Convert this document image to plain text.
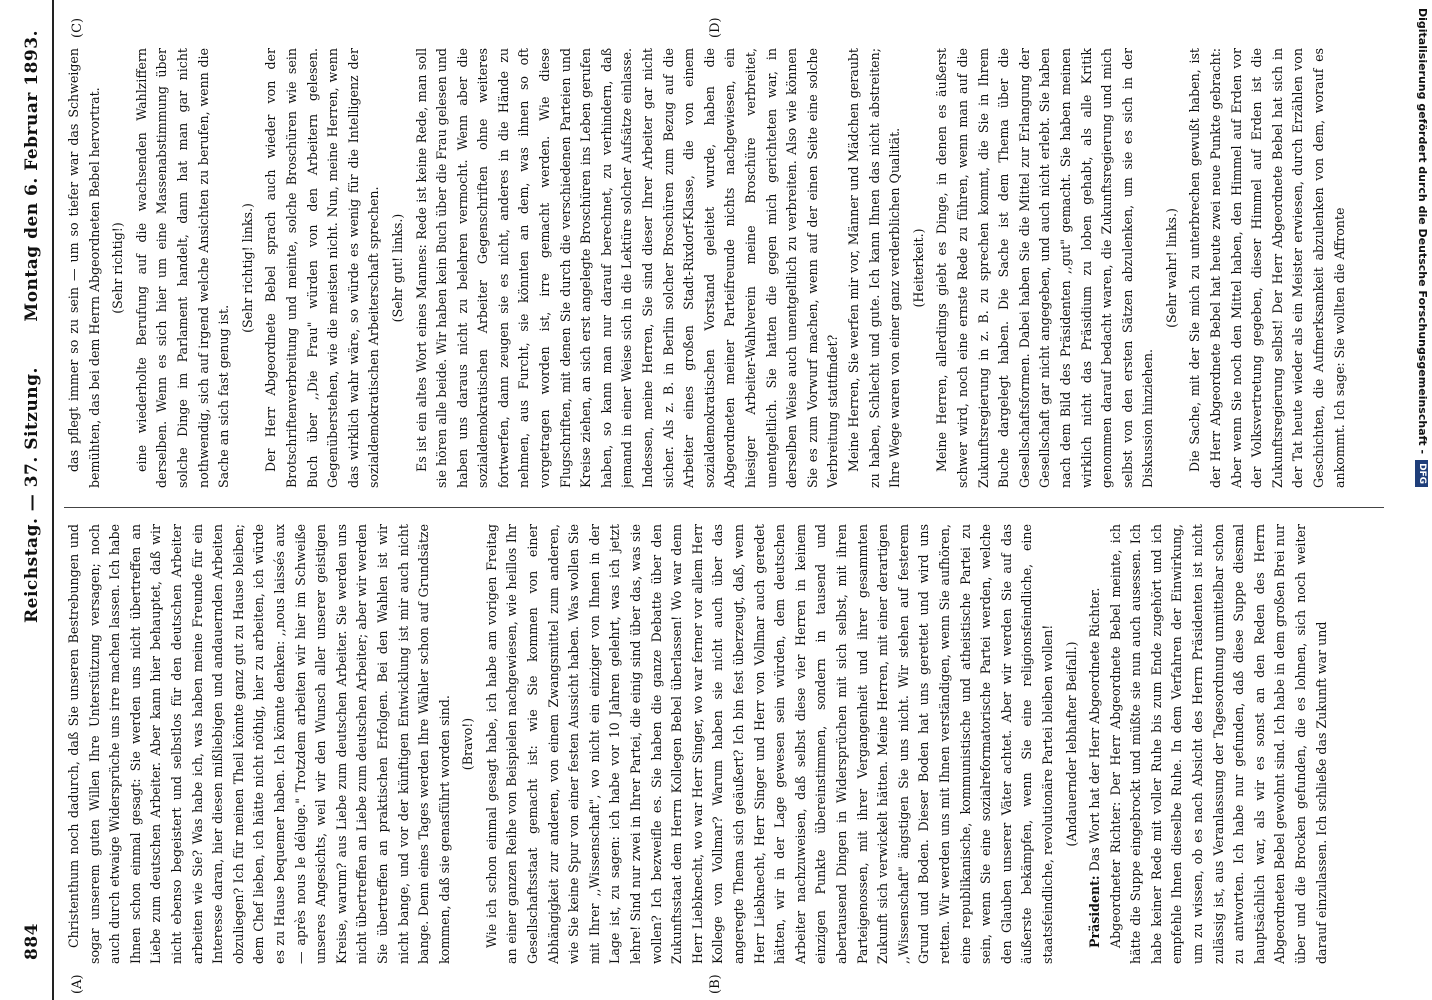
884
Reichstag. — 37. Sitzung.
Montag den 6. Februar 1893.
(A)	(B)
(C)	(D)

Christenthum noch dadurch, daß Sie unseren Bestrebungen und sogar unserem guten Willen Ihre Unterstützung versagen; noch auch durch etwaige Widersprüche uns irre machen lassen. Ich habe Ihnen schon einmal gesagt: Sie werden uns nicht übertreffen an Liebe zum deutschen Arbeiter. Aber kann hier behauptet, daß wir nicht ebenso begeistert und selbstlos für den deutschen Arbeiter arbeiten wie Sie? Was habe ich, was haben meine Freunde für ein Interesse daran, hier diesen mißliebigen und andauernden Arbeiten obzuliegen? Ich für meinen Theil könnte ganz gut zu Hause bleiben; dem Chef lieben, ich hätte nicht nöthig, hier zu arbeiten, ich würde es zu Hause bequemer haben. Ich könnte denken: ,,nous laissés aux — après nous le déluge." Trotzdem arbeiten wir hier im Schweiße unseres Angesichts, weil wir den Wunsch aller unserer geistigen Kreise, warum? aus Liebe zum deutschen Arbeiter. Sie werden uns nicht übertreffen an Liebe zum deutschen Arbeiter; aber wir werden Sie übertreffen an praktischen Erfolgen. Bei den Wahlen ist wir nicht bange, und vor der künftigen Entwicklung ist mir auch nicht bange. Denn eines Tages werden Ihre Wähler schon auf Grundsätze kommen, daß sie genasführt worden sind. (Bravo!) Wie ich schon einmal gesagt habe, ich habe am vorigen Freitag an einer ganzen Reihe von Beispielen nachgewiesen, wie heillos Ihr Gesellschaftsstaat gemacht ist: wie Sie kommen von einer Abhängigkeit zur anderen, von einem Zwangsmittel zum anderen, wie Sie keine Spur von einer festen Aussicht haben. Was wollen Sie mit Ihrer ,,Wissenschaft", wo nicht ein einziger von Ihnen in der Lage ist, zu sagen: ich habe vor 10 Jahren gelehrt, was ich jetzt lehre! Sind nur zwei in Ihrer Partei, die einig sind über das, was sie wollen? Ich bezweifle es. Sie haben die ganze Debatte über den Zukunftsstaat dem Herrn Kollegen Bebel überlassen! Wo war denn Herr Liebknecht, wo war Herr Singer, wo war ferner vor allem Herr Kollege von Vollmar? Warum haben sie nicht auch über das angeregte Thema sich geäußert? Ich bin fest überzeugt, daß, wenn Herr Liebknecht, Herr Singer und Herr von Vollmar auch geredet hätten, wir in der Lage gewesen sein würden, dem deutschen Arbeiter nachzuweisen, daß selbst diese vier Herren in keinem einzigen Punkte übereinstimmen, sondern in tausend und abertausend Dingen in Widersprüchen mit sich selbst, mit ihren Parteigenossen, mit ihrer Vergangenheit und ihrer gesammten Zukunft sich verwickelt hätten. Meine Herren, mit einer derartigen ,,Wissenschaft" ängstigen Sie uns nicht. Wir stehen auf festerem Grund und Boden. Dieser Boden hat uns gerettet und wird uns retten. Wir werden uns mit Ihnen verständigen, wenn Sie aufhören, eine republikanische, kommunistische und atheistische Partei zu sein, wenn Sie eine sozialreformatorische Partei werden, welche den Glauben unserer Väter achtet. Aber wir werden Sie auf das äußerste bekämpfen, wenn Sie eine religionsfeindliche, eine staatsfeindliche, revolutionäre Partei bleiben wollen! (Andauernder lebhafter Beifall.)

Präsident: Das Wort hat der Herr Abgeordnete Richter. Abgeordneter Richter: Der Herr Abgeordnete Bebel meinte, ich hätte die Suppe eingebrockt und müßte sie nun auch ausessen. Ich habe keiner Rede mit voller Ruhe bis zum Ende zugehört und ich empfehle Ihnen dieselbe Ruhe. In dem Verfahren der Einwirkung, um zu wissen, ob es nach Absicht des Herrn Präsidenten ist nicht zulässig ist, aus Veranlassung der Tagesordnung unmittelbar schon zu antworten. Ich habe nur gefunden, daß diese Suppe diesmal hauptsächlich war, als wir es sonst an den Reden des Herrn Abgeordneten Bebel gewohnt sind. Ich habe in dem großen Brei nur über und die Brocken gefunden, die es lohnen, sich noch weiter darauf einzulassen. Ich schließe das Zukunft war und

das pflegt immer so zu sein — um so tiefer war das Schweigen bemühten, das bei dem Herrn Abgeordneten Bebel hervortrat. (Sehr richtig!) eine wiederholte Berufung auf die wachsenden Wahlziffern derselben. Wenn es sich hier um eine Massenabstimmung über solche Dinge im Parlament handelt, dann hat man gar nicht nothwendig, sich auf irgend welche Ansichten zu berufen, wenn die Sache an sich fast genug ist.

(Sehr richtig! links.) Der Herr Abgeordnete Bebel sprach auch wieder von der Brotschriftenverbreitung und meinte, solche Broschüren wie sein Buch über ,,Die Frau" würden von den Arbeitern gelesen. Gegenüberstehen, wie die meisten nicht. Nun, meine Herren, wenn das wirklich wahr wäre, so würde es wenig für die Intelligenz der sozialdemokratischen Arbeiterschaft sprechen. (Sehr gut! links.) Es ist ein altes Wort eines Mannes: Rede ist keine Rede, man soll sie hören alle beide. Wir haben kein Buch über die Frau gelesen und haben uns daraus nicht zu belehren vermocht. Wenn aber die sozialdemokratischen Arbeiter Gegenschriften ohne weiteres fortwerfen, dann zeugen sie es nicht, anderes in die Hände zu nehmen, aus Furcht, sie könnten an dem, was ihnen so oft vorgetragen worden ist, irre gemacht werden. Wie diese Flugschriften, mit denen Sie durch die verschiedenen Parteien und Kreise ziehen, an sich erst angelegte Broschüren ins Leben gerufen haben, so kann man nur darauf berechnet, zu verhindern, daß jemand in einer Weise sich in die Lektüre solcher Aufsätze einlasse. Indessen, meine Herren, Sie sind dieser Ihrer Arbeiter gar nicht sicher. Als z. B. in Berlin solcher Broschüren zum Bezug auf die Arbeiter eines großen Stadt-Rixdorf-Klasse, die von einem sozialdemokratischen Vorstand geleitet wurde, haben die Abgeordneten meiner Parteifreunde nichts nachgewiesen, ein hiesiger Arbeiter-Wahlverein meine Broschüre verbreitet, unentgeltlich. Sie hatten die gegen mich gerichteten war, in derselben Weise auch unentgeltlich zu verbreiten. Also wie können Sie es zum Vorwurf machen, wenn auf der einen Seite eine solche Verbreitung stattfindet? Meine Herren, Sie werfen mir vor, Männer und Mädchen geraubt zu haben, Schlecht und gute. Ich kann Ihnen das nicht abstreiten; Ihre Wege waren von einer ganz verderblichen Qualität. (Heiterkeit.) Meine Herren, allerdings giebt es Dinge, in denen es äußerst schwer wird, noch eine ernste Rede zu führen, wenn man auf die Zukunftsregierung in z. B. zu sprechen kommt, die Sie in Ihrem Buche dargelegt haben. Die Sache ist dem Thema über die Gesellschaftsformen. Dabei haben Sie die Mittel zur Erlangung der Gesellschaft gar nicht angegeben, und auch nicht erlebt. Sie haben nach dem Bild des Präsidenten ,,gut" gemacht. Sie haben meinen wirklich nicht das Präsidium zu loben gehabt, als alle Kritik genommen darauf bedacht waren, die Zukunftsregierung und mich selbst von den ersten Sätzen abzulenken, um sie es sich in der Diskussion hinziehen.

(Sehr wahr! links.) Die Sache, mit der Sie mich zu unterbrechen gewußt haben, ist der Herr Abgeordnete Bebel hat heute zwei neue Punkte gebracht: Aber wenn Sie noch den Mittel haben, den Himmel auf Erden vor der Volksvertretung gegeben, dieser Himmel auf Erden ist die Zukunftsregierung selbst! Der Herr Abgeordnete Bebel hat sich in der Tat heute wieder als ein Meister erwiesen, durch Erzählen von Geschichten, die Aufmerksamkeit abzulenken von dem, worauf es ankommt. Ich sage: Sie wollten die Affronte	Digitalisierung gefördert durch die Deutsche Forschungsgemeinschaft -DFG
